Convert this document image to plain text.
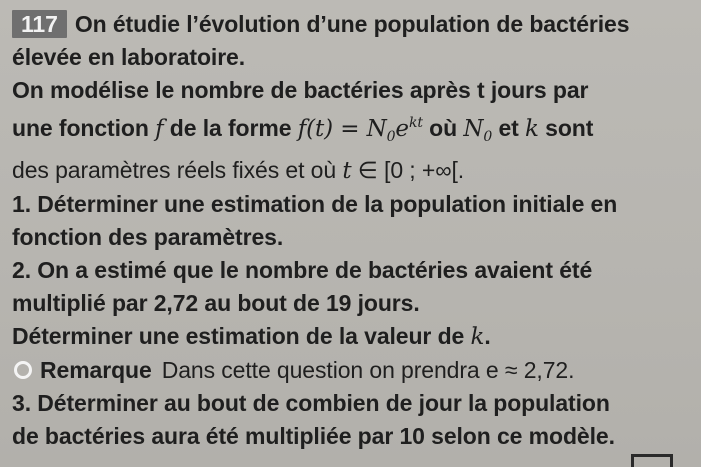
117 On étudie l’évolution d’une population de bactéries
élevée en laboratoire.
On modélise le nombre de bactéries après t jours par
une fonction f de la forme $f(t) = N_0e^{kt}$ où $N_0$ et k sont
des paramètres réels fixés et où t ∈ [0 ; +∞[.
1. Déterminer une estimation de la population initiale en
fonction des paramètres.
2. On a estimé que le nombre de bactéries avaient été
multiplié par 2,72 au bout de 19 jours.
Déterminer une estimation de la valeur de k.
Remarque Dans cette question on prendra e ≈ 2,72.
3. Déterminer au bout de combien de jour la population
de bactéries aura été multipliée par 10 selon ce modèle.
